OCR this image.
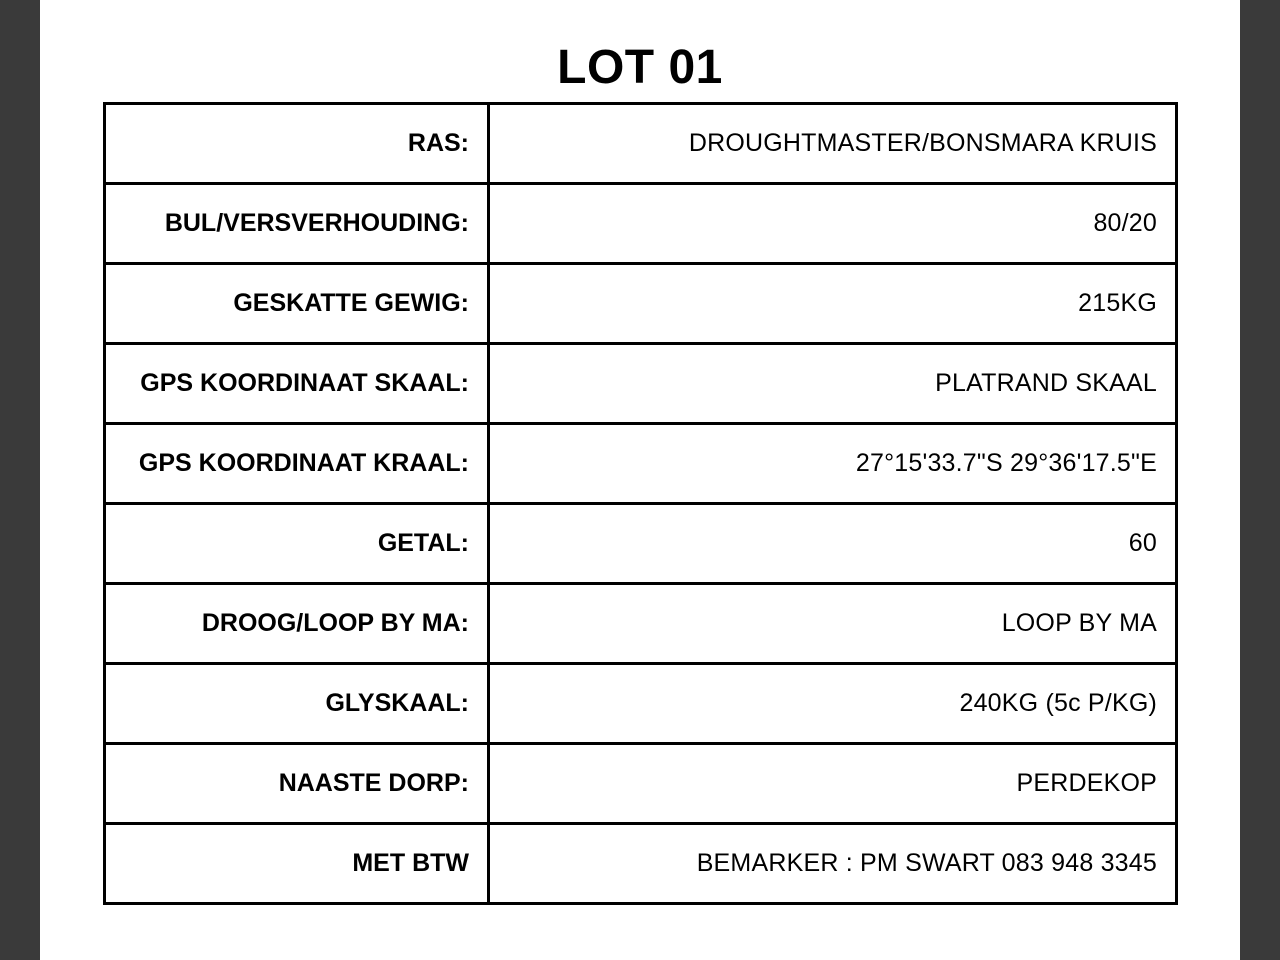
LOT 01
RAS:	DROUGHTMASTER/BONSMARA KRUIS
BUL/VERSVERHOUDING:	80/20
GESKATTE GEWIG:	215KG
GPS KOORDINAAT SKAAL:	PLATRAND SKAAL
GPS KOORDINAAT KRAAL:	27°15'33.7"S 29°36'17.5"E
GETAL:	60
DROOG/LOOP BY MA:	LOOP BY MA
GLYSKAAL:	240KG (5c P/KG)
NAASTE DORP:	PERDEKOP
MET BTW	BEMARKER : PM SWART 083 948 3345
